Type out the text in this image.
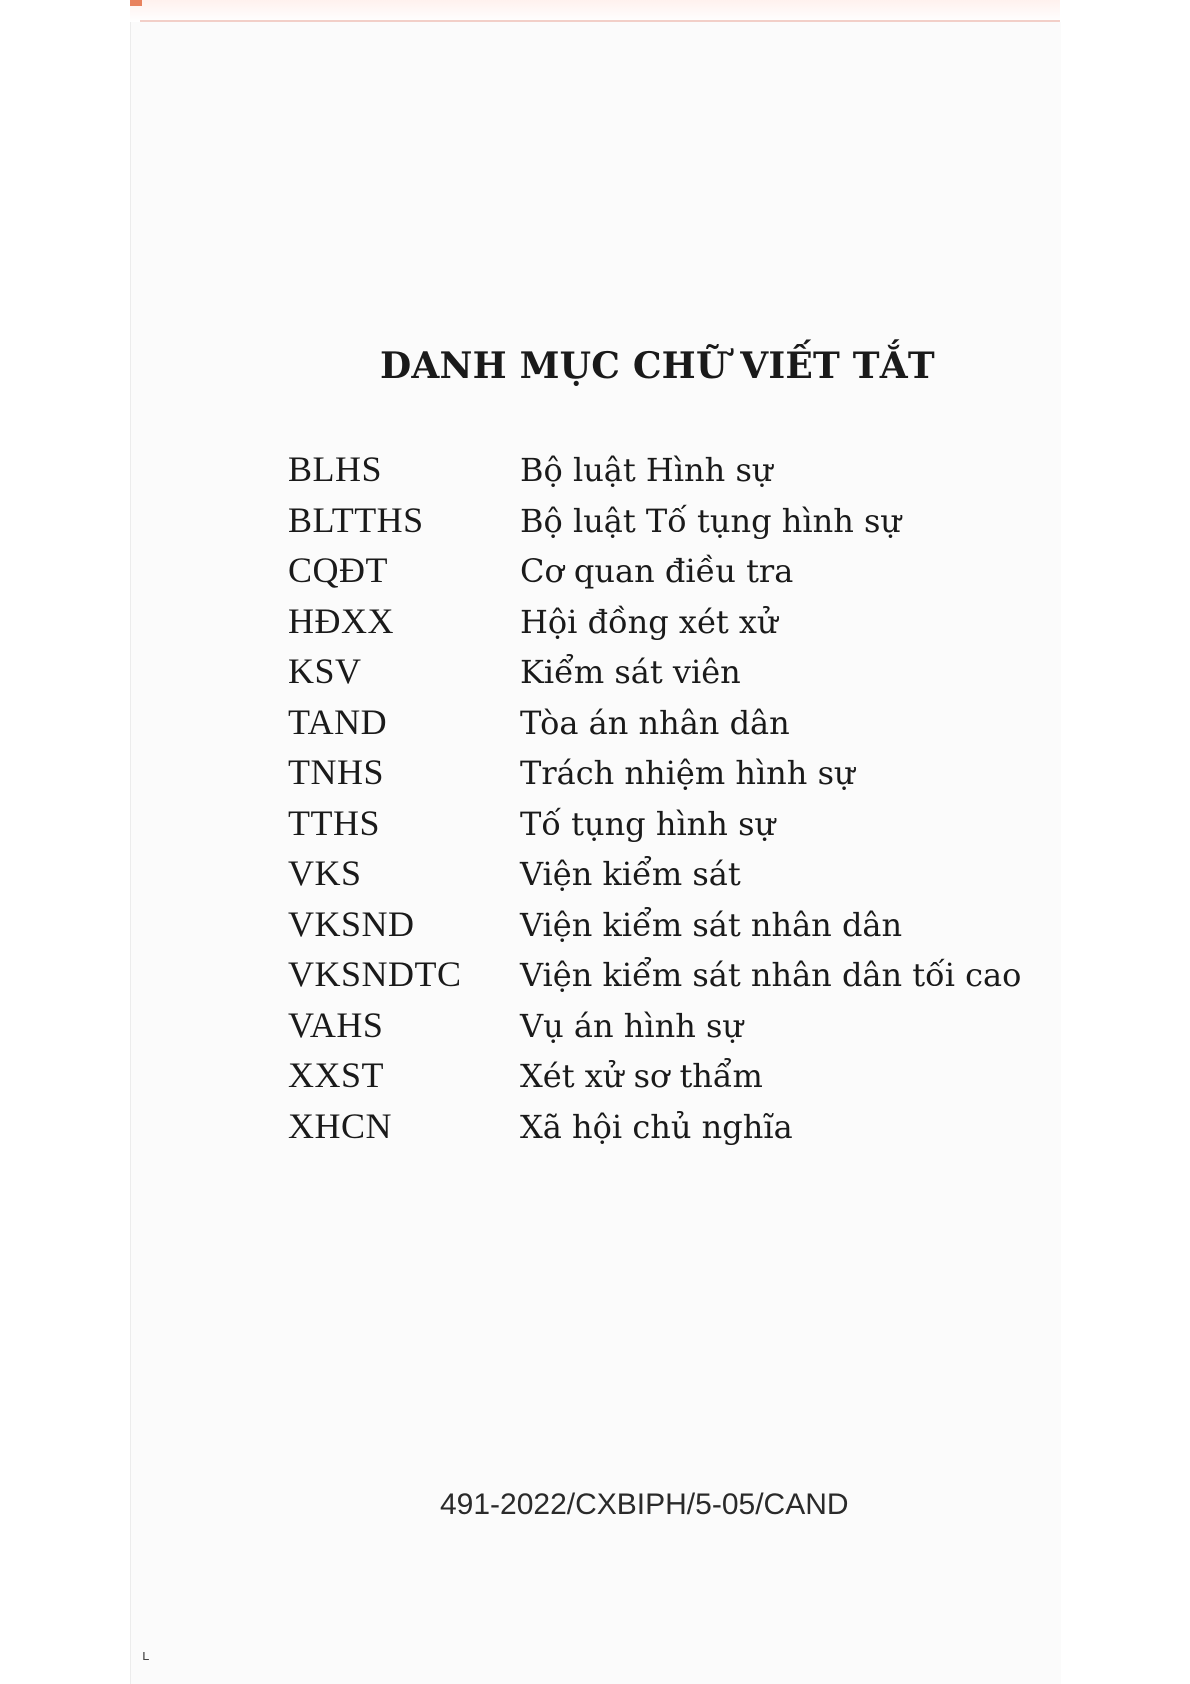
DANH MỤC CHỮ VIẾT TẮT
BLHS	Bộ luật Hình sự
BLTTHS	Bộ luật Tố tụng hình sự
CQĐT	Cơ quan điều tra
HĐXX	Hội đồng xét xử
KSV	Kiểm sát viên
TAND	Tòa án nhân dân
TNHS	Trách nhiệm hình sự
TTHS	Tố tụng hình sự
VKS	Viện kiểm sát
VKSND	Viện kiểm sát nhân dân
VKSNDTC	Viện kiểm sát nhân dân tối cao
VAHS	Vụ án hình sự
XXST	Xét xử sơ thẩm
XHCN	Xã hội chủ nghĩa
491-2022/CXBIPH/5-05/CAND
ʟ
